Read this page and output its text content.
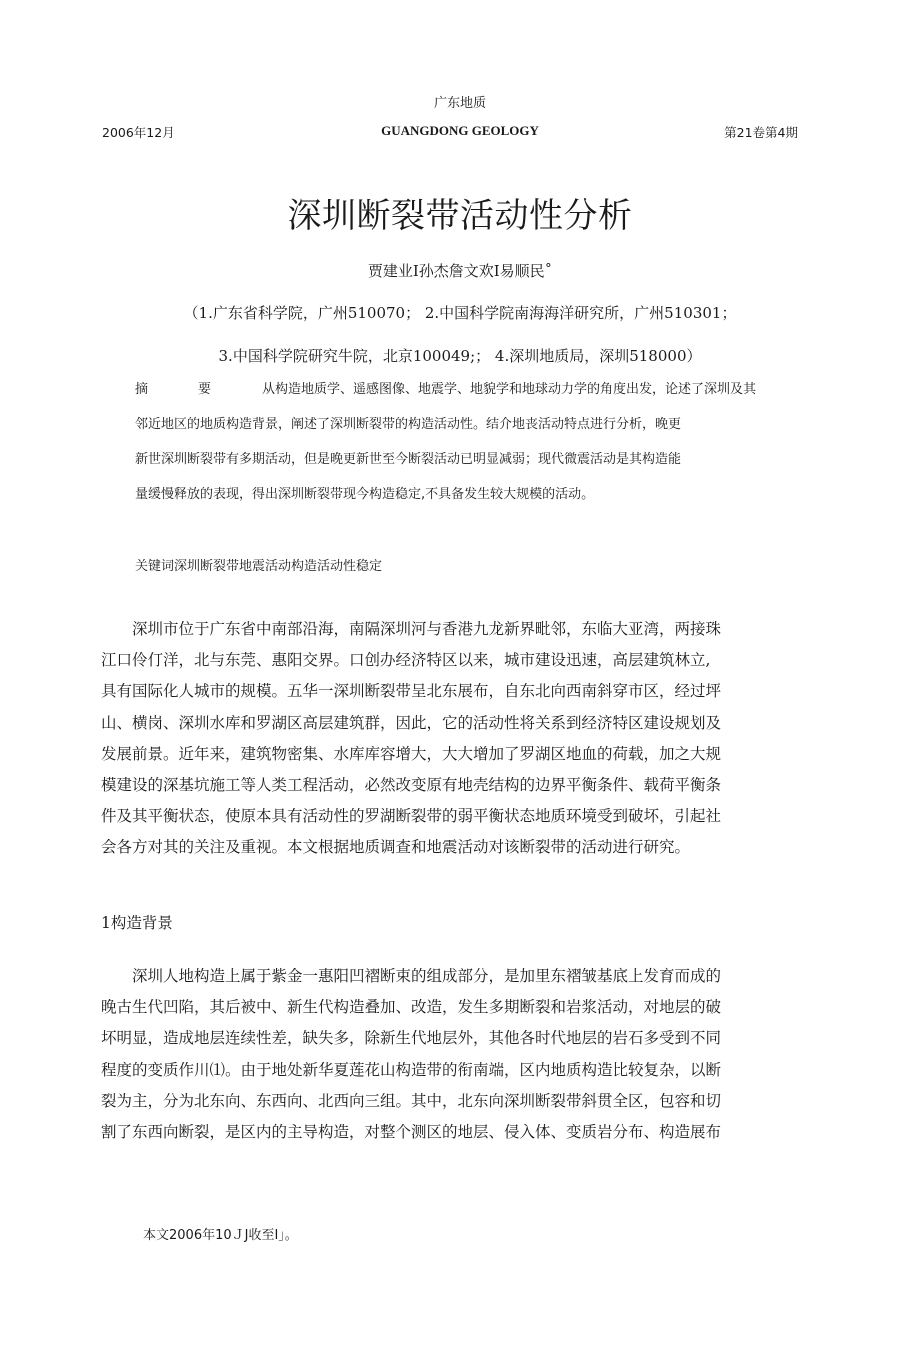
广东地质
2006年12月	GUANGDONG GEOLOGY	第21卷第4期
深圳断裂带活动性分析
贾建业I孙杰詹文欢I易顺民˚
（1.广东省科学院，广州510070； 2.中国科学院南海海洋研究所，广州510301；
3.中国科学院研究牛院，北京100049;； 4.深圳地质局，深圳518000）
摘要从构造地质学、遥感图像、地震学、地貌学和地球动力学的角度出发，论述了深圳及其
邻近地区的地质构造背景，阐述了深圳断裂带的构造活动性。结介地丧活动特点进行分析，晚更
新世深圳断裂带有多期活动，但是晚更新世至今断裂活动已明显减弱；现代微震活动是其构造能
量缓慢释放的表现，得出深圳断裂带现今构造稳定,不具备发生较大规模的活动。
关键词深圳断裂带地震活动构造活动性稳定
　　深圳市位于广东省中南部沿海，南隔深圳河与香港九龙新界毗邻，东临大亚湾，两接珠
江口伶仃洋，北与东莞、惠阳交界。口创办经济特区以来，城市建设迅速，高层建筑林立,
具有国际化人城市的规模。五华一深圳断裂带呈北东展布，自东北向西南斜穿市区，经过坪
山、横岗、深圳水库和罗湖区高层建筑群，因此，它的活动性将关系到经济特区建设规划及
发展前景。近年来，建筑物密集、水库库容增大，大大增加了罗湖区地血的荷载，加之大规
模建设的深基坑施工等人类工程活动，必然改变原有地壳结构的边界平衡条件、载荷平衡条
件及其平衡状态，使原本具有活动性的罗湖断裂带的弱平衡状态地质环境受到破坏，引起社
会各方对其的关注及重视。本文根据地质调查和地震活动对该断裂带的活动进行研究。
1构造背景
　　深圳人地构造上属于紫金一惠阳凹褶断束的组成部分，是加里东褶皱基底上发育而成的
晚古生代凹陷，其后被中、新生代构造叠加、改造，发生多期断裂和岩浆活动，对地层的破
坏明显，造成地层连续性差，缺失多，除新生代地层外，其他各时代地层的岩石多受到不同
程度的变质作川⑴。由于地处新华夏莲花山构造带的衔南端，区内地质构造比较复杂，以断
裂为主，分为北东向、东西向、北西向三组。其中，北东向深圳断裂带斜贯全区，包容和切
割了东西向断裂，是区内的主导构造，对整个测区的地层、侵入体、变质岩分布、构造展布
本文2006年10ＪJ收至I」。
